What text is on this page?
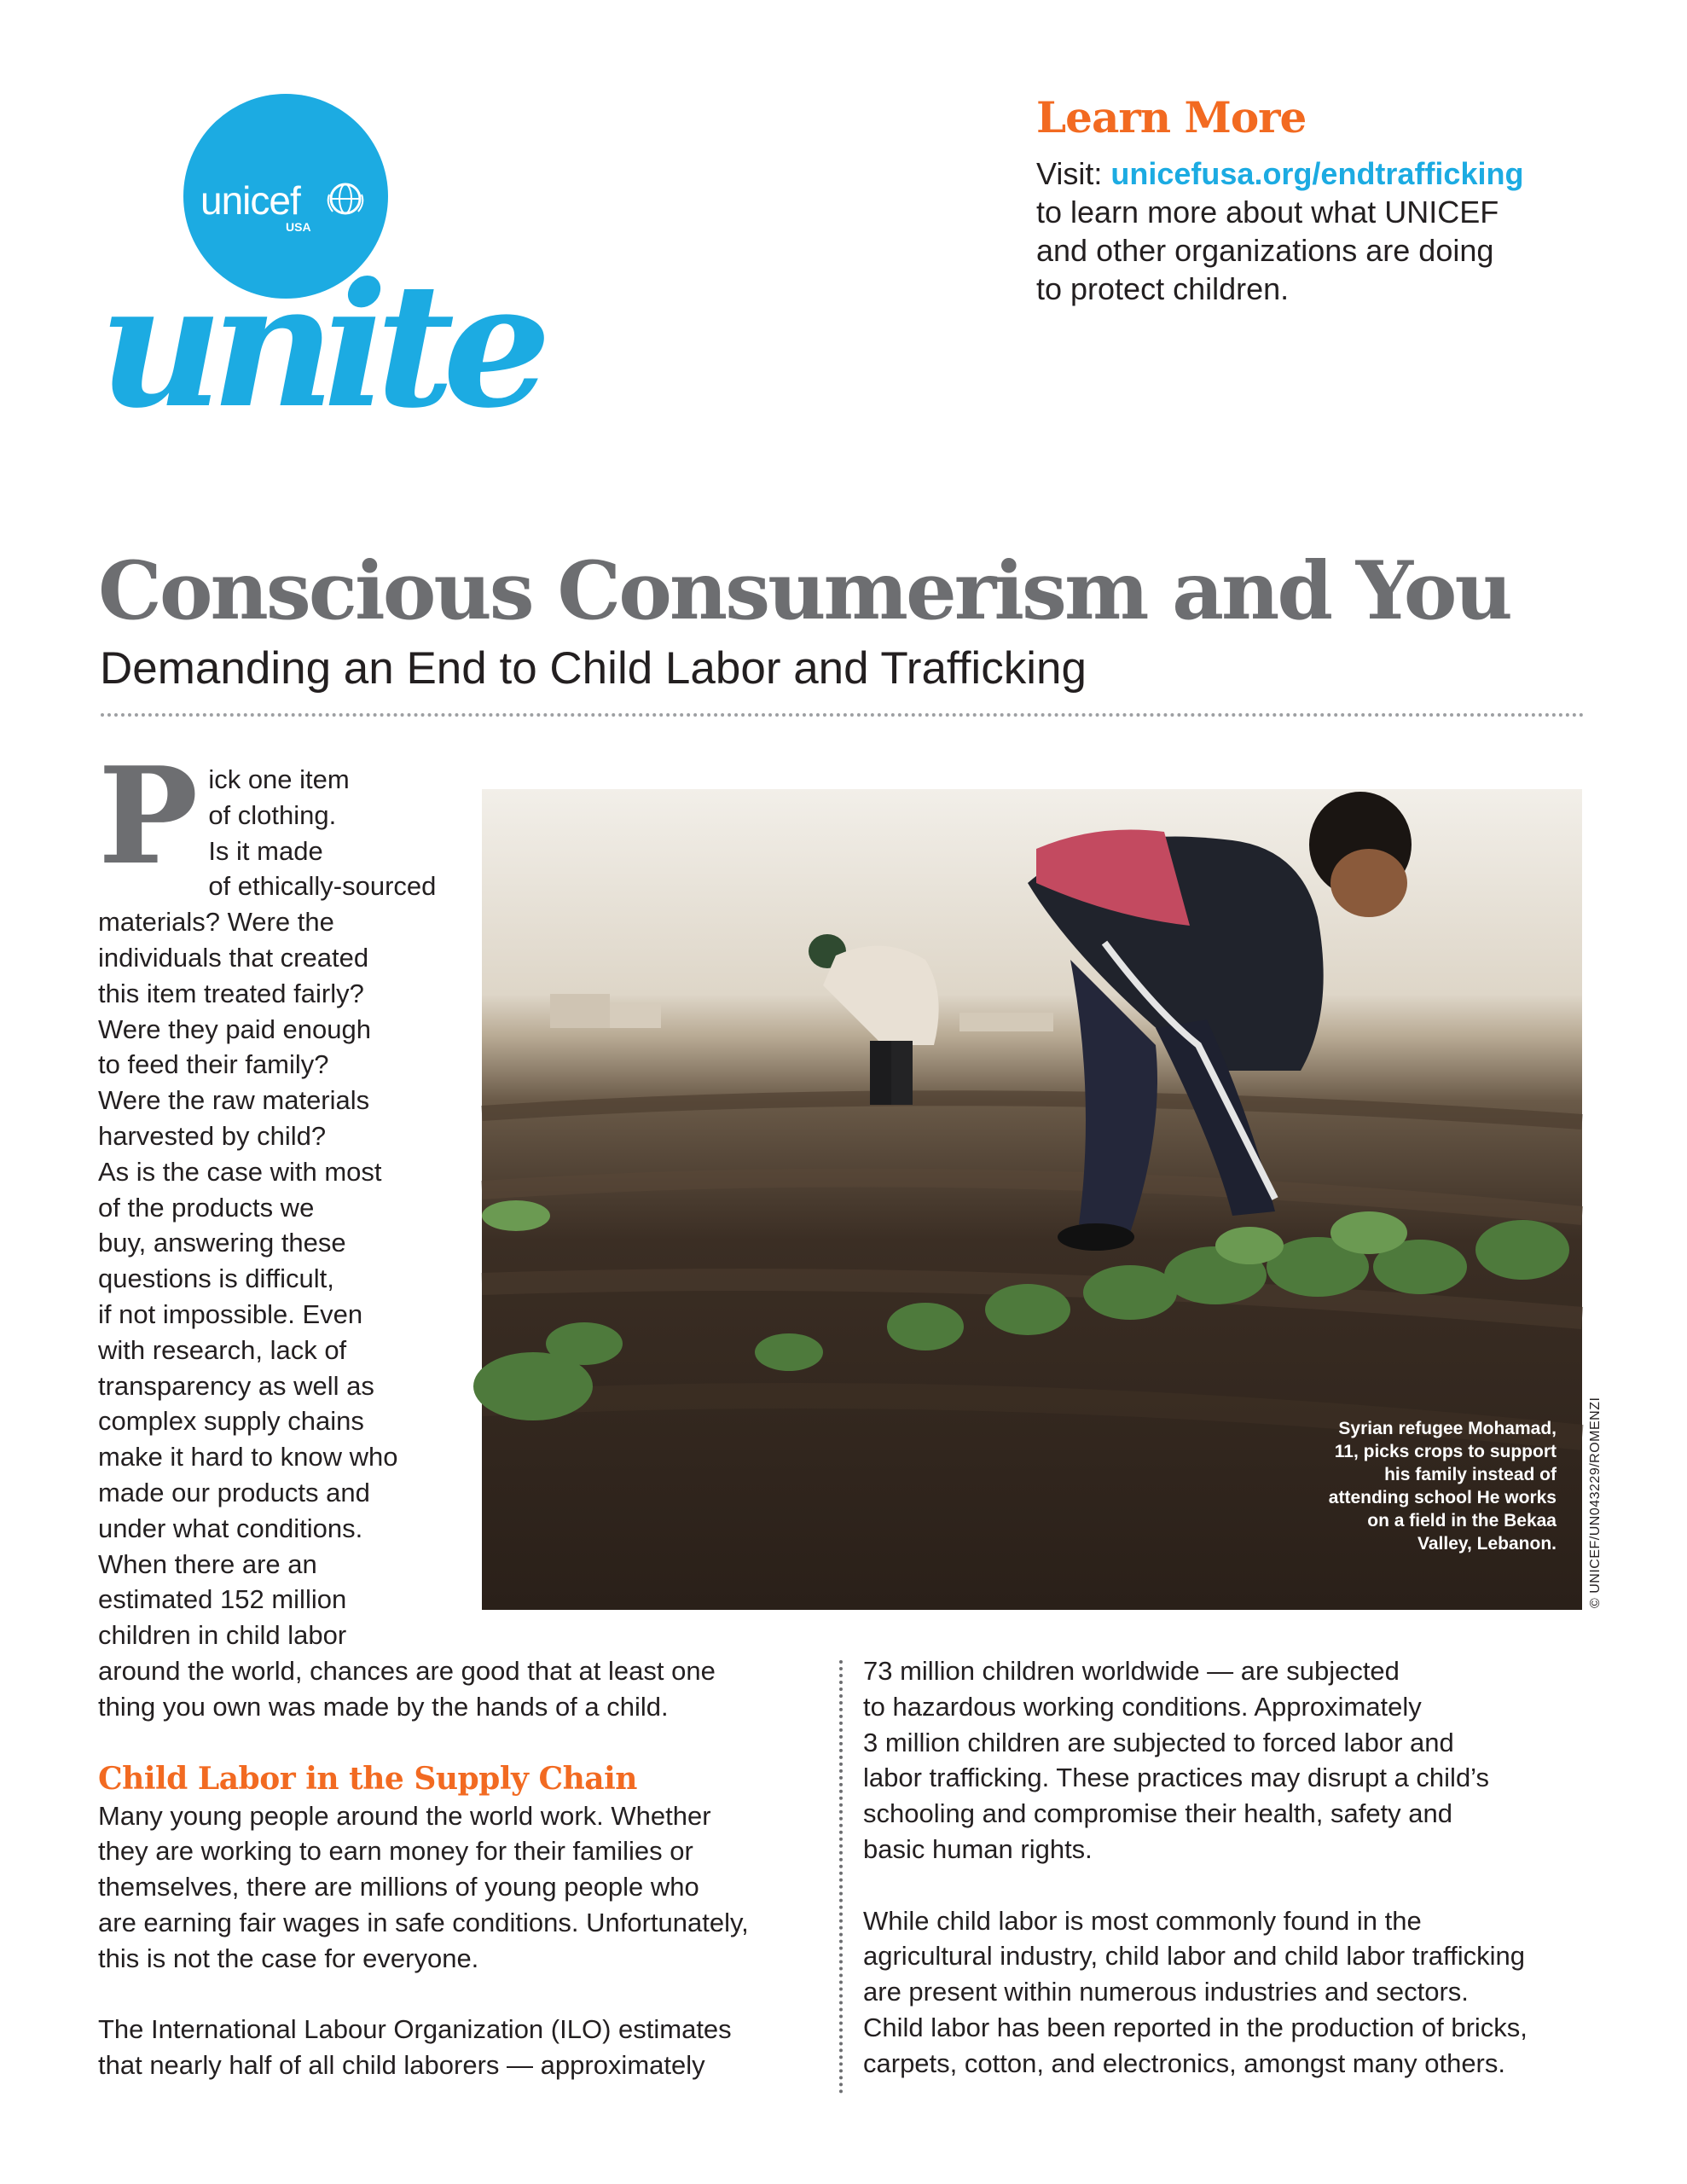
unicef
USA
unite
Learn More
Visit: unicefusa.org/endtrafficking
to learn more about what UNICEF
and other organizations are doing
to protect children.
Conscious Consumerism and You
Demanding an End to Child Labor and Trafficking
P ick one item
of clothing.
Is it made
of ethically-sourced
materials? Were the
individuals that created
this item treated fairly?
Were they paid enough
to feed their family?
Were the raw materials
harvested by child?
As is the case with most
of the products we
buy, answering these
questions is difficult,
if not impossible. Even
with research, lack of
transparency as well as
complex supply chains
make it hard to know who
made our products and
under what conditions.
When there are an
estimated 152 million
children in child labor

Syrian refugee Mohamad,
11, picks crops to support
his family instead of
attending school He works
on a field in the Bekaa
Valley, Lebanon. © UNICEF/UN043229/ROMENZI

around the world, chances are good that at least one
thing you own was made by the hands of a child.

Child Labor in the Supply Chain

Many young people around the world work. Whether
they are working to earn money for their families or
themselves, there are millions of young people who
are earning fair wages in safe conditions. Unfortunately,
this is not the case for everyone.

The International Labour Organization (ILO) estimates
that nearly half of all child laborers — approximately

73 million children worldwide — are subjected
to hazardous working conditions. Approximately
3 million children are subjected to forced labor and
labor trafficking. These practices may disrupt a child’s
schooling and compromise their health, safety and
basic human rights.

While child labor is most commonly found in the
agricultural industry, child labor and child labor trafficking
are present within numerous industries and sectors.
Child labor has been reported in the production of bricks,
carpets, cotton, and electronics, amongst many others.
